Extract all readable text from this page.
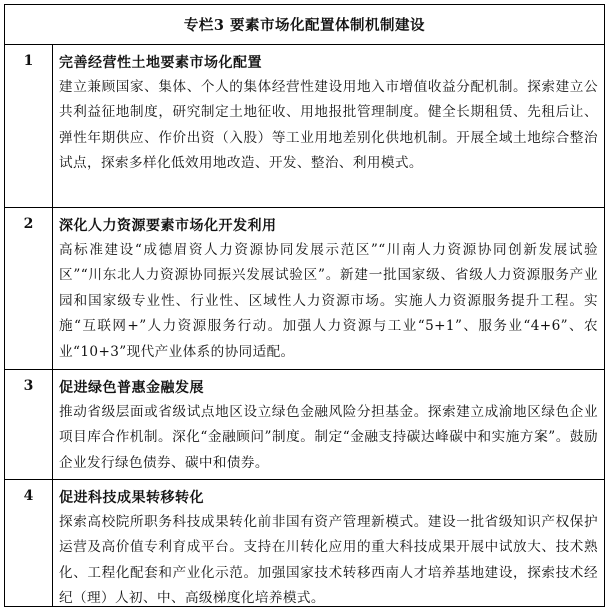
专栏3 要素市场化配置体制机制建设
1	完善经营性土地要素市场化配置
建立兼顾国家、集体、个人的集体经营性建设用地入市增值收益分配机制。探索建立公共利益征地制度，研究制定土地征收、用地报批管理制度。健全长期租赁、先租后让、弹性年期供应、作价出资（入股）等工业用地差别化供地机制。开展全域土地综合整治试点，探索多样化低效用地改造、开发、整治、利用模式。
2	深化人力资源要素市场化开发利用
高标准建设“成德眉资人力资源协同发展示范区”“川南人力资源协同创新发展试验区”“川东北人力资源协同振兴发展试验区”。新建一批国家级、省级人力资源服务产业园和国家级专业性、行业性、区域性人力资源市场。实施人力资源服务提升工程。实施“互联网+”人力资源服务行动。加强人力资源与工业“5+1”、服务业“4+6”、农业“10+3”现代产业体系的协同适配。
3	促进绿色普惠金融发展
推动省级层面或省级试点地区设立绿色金融风险分担基金。探索建立成渝地区绿色企业项目库合作机制。深化“金融顾问”制度。制定“金融支持碳达峰碳中和实施方案”。鼓励企业发行绿色债券、碳中和债券。
4	促进科技成果转移转化
探索高校院所职务科技成果转化前非国有资产管理新模式。建设一批省级知识产权保护运营及高价值专利育成平台。支持在川转化应用的重大科技成果开展中试放大、技术熟化、工程化配套和产业化示范。加强国家技术转移西南人才培养基地建设，探索技术经纪（理）人初、中、高级梯度化培养模式。
